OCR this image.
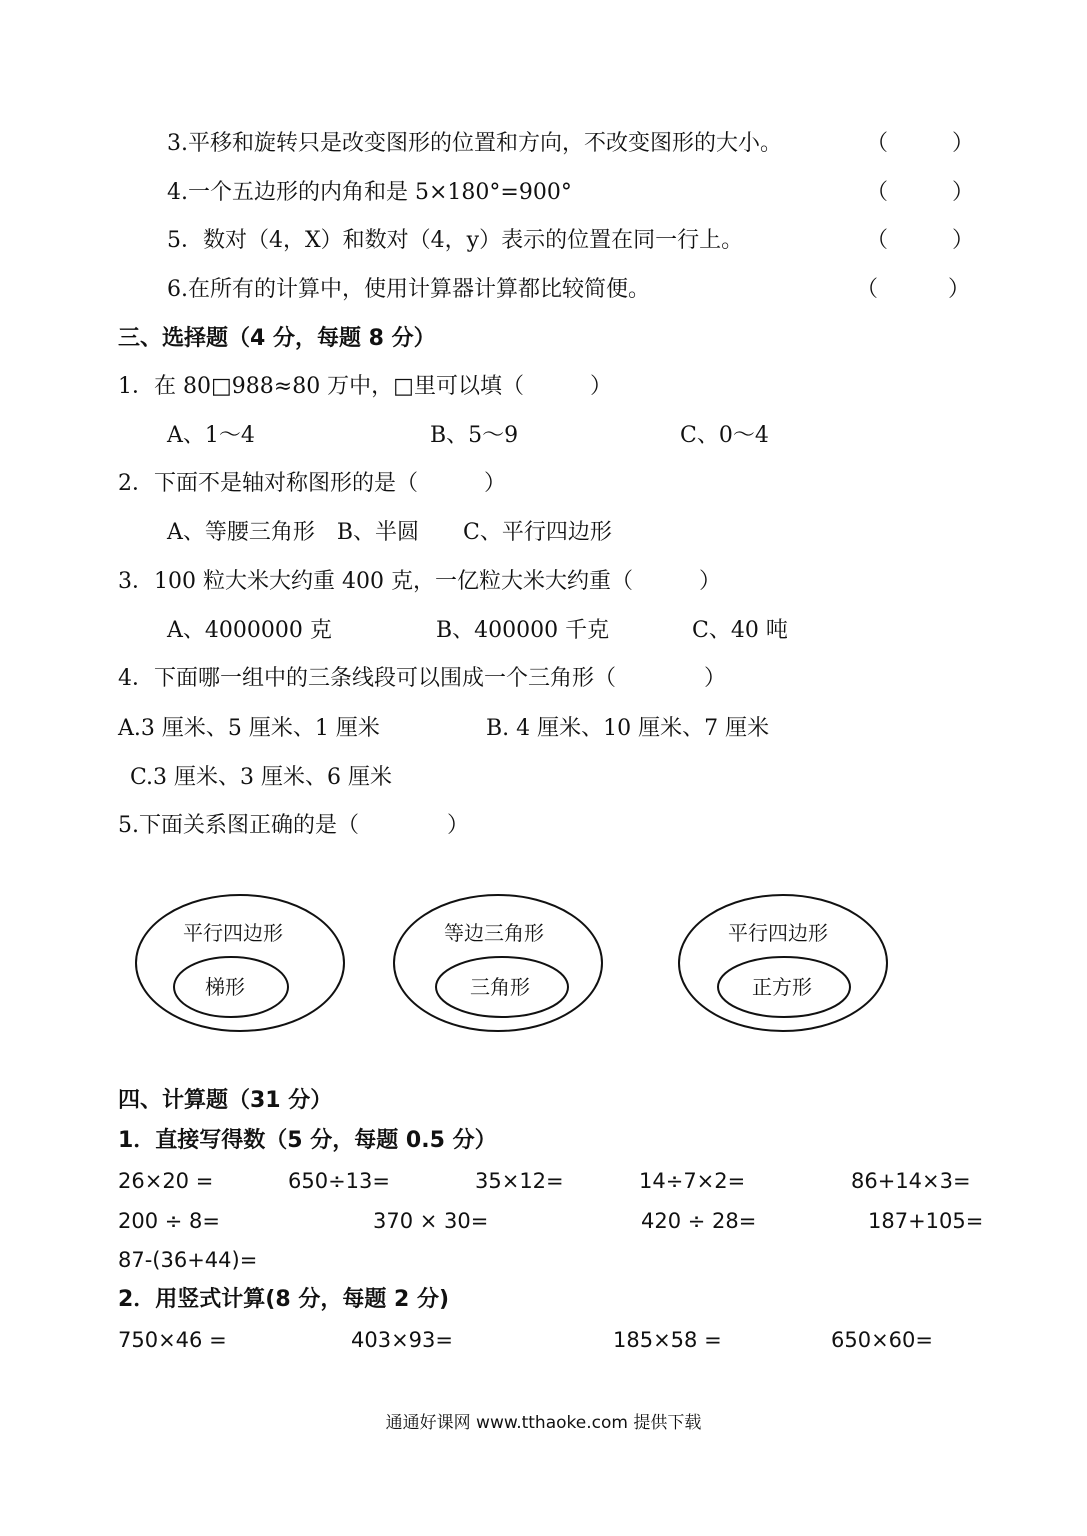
3.平移和旋转只是改变图形的位置和方向，不改变图形的大小。	（	）
4.一个五边形的内角和是 5×180°=900°	（	）
5．数对（4，X）和数对（4，y）表示的位置在同一行上。	（	）
6.在所有的计算中，使用计算器计算都比较简便。	（	）
三、选择题（4 分，每题 8 分）
1．在 80□988≈80 万中，□里可以填（　　　）
A、1～4	B、5～9	C、0～4
2．下面不是轴对称图形的是（　　　）
A、等腰三角形　B、半圆　　C、平行四边形
3．100 粒大米大约重 400 克，一亿粒大米大约重（　　　）
A、4000000 克	B、400000 千克	C、40 吨
4．下面哪一组中的三条线段可以围成一个三角形（　　　　）
A.3 厘米、5 厘米、1 厘米	B. 4 厘米、10 厘米、7 厘米
C.3 厘米、3 厘米、6 厘米
5.下面关系图正确的是（　　　　）
平行四边形
梯形
等边三角形
三角形
平行四边形
正方形
四、计算题（31 分）
1．直接写得数（5 分，每题 0.5 分）
26×20 =	650÷13=	35×12=	14÷7×2=	86+14×3=
200 ÷ 8=	370 × 30=	420 ÷ 28=	187+105=
87-(36+44)=
2．用竖式计算(8 分，每题 2 分)
750×46 =	403×93=	185×58 =	650×60=
通通好课网 www.tthaoke.com 提供下载
